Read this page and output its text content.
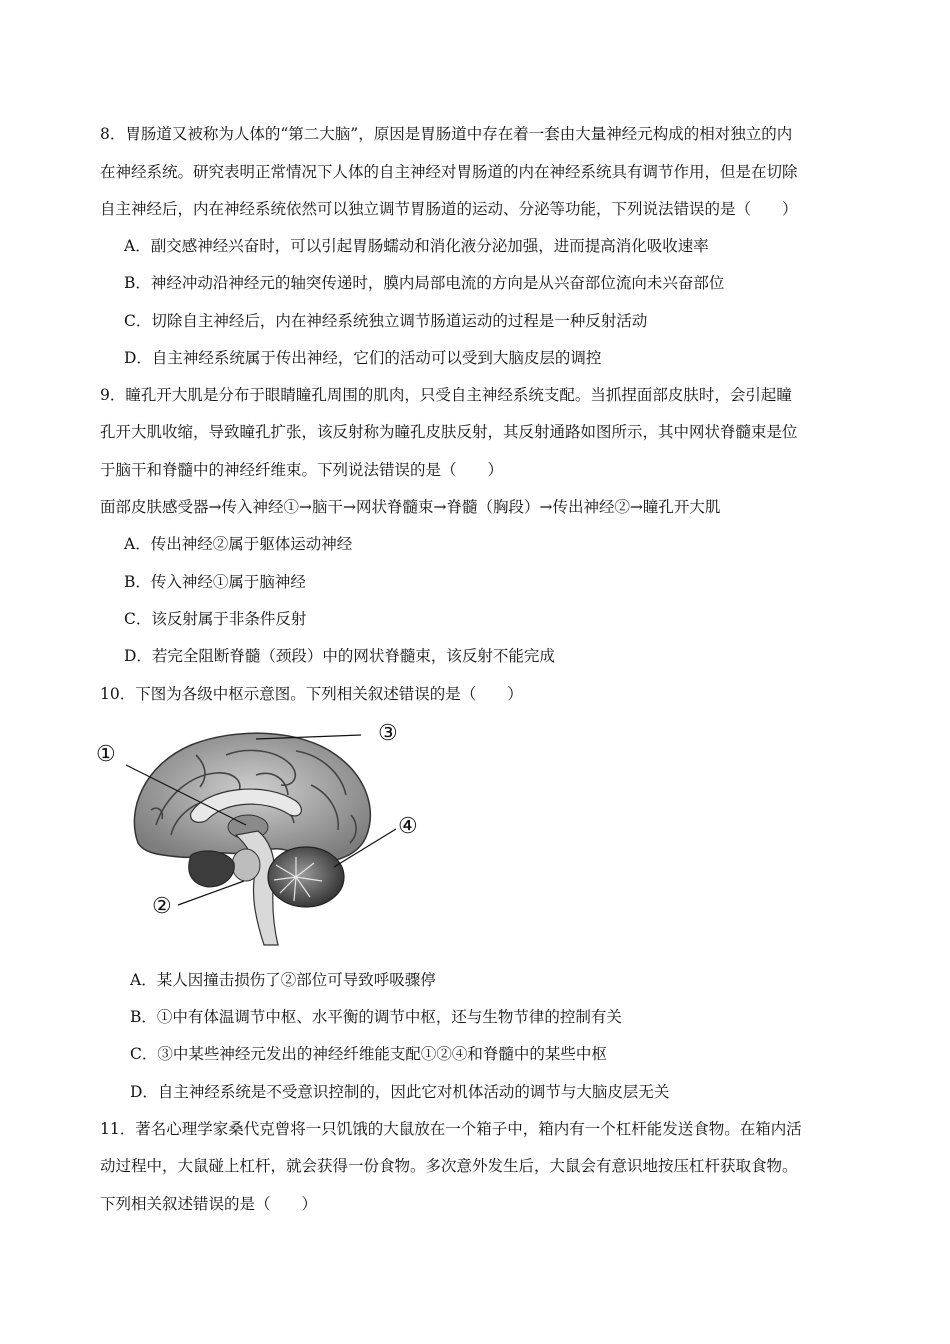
8．胃肠道又被称为人体的“第二大脑”，原因是胃肠道中存在着一套由大量神经元构成的相对独立的内
在神经系统。研究表明正常情况下人体的自主神经对胃肠道的内在神经系统具有调节作用，但是在切除
自主神经后，内在神经系统依然可以独立调节胃肠道的运动、分泌等功能，下列说法错误的是（　　）
A．副交感神经兴奋时，可以引起胃肠蠕动和消化液分泌加强，进而提高消化吸收速率
B．神经冲动沿神经元的轴突传递时，膜内局部电流的方向是从兴奋部位流向未兴奋部位
C．切除自主神经后，内在神经系统独立调节肠道运动的过程是一种反射活动
D．自主神经系统属于传出神经，它们的活动可以受到大脑皮层的调控
9．瞳孔开大肌是分布于眼睛瞳孔周围的肌肉，只受自主神经系统支配。当抓捏面部皮肤时，会引起瞳
孔开大肌收缩，导致瞳孔扩张，该反射称为瞳孔皮肤反射，其反射通路如图所示，其中网状脊髓束是位
于脑干和脊髓中的神经纤维束。下列说法错误的是（　　）
面部皮肤感受器→传入神经①→脑干→网状脊髓束→脊髓（胸段）→传出神经②→瞳孔开大肌
A．传出神经②属于躯体运动神经
B．传入神经①属于脑神经
C．该反射属于非条件反射
D．若完全阻断脊髓（颈段）中的网状脊髓束，该反射不能完成
10．下图为各级中枢示意图。下列相关叙述错误的是（　　）
①
②
③
④
A．某人因撞击损伤了②部位可导致呼吸骤停
B．①中有体温调节中枢、水平衡的调节中枢，还与生物节律的控制有关
C．③中某些神经元发出的神经纤维能支配①②④和脊髓中的某些中枢
D．自主神经系统是不受意识控制的，因此它对机体活动的调节与大脑皮层无关
11．著名心理学家桑代克曾将一只饥饿的大鼠放在一个箱子中，箱内有一个杠杆能发送食物。在箱内活
动过程中，大鼠碰上杠杆，就会获得一份食物。多次意外发生后，大鼠会有意识地按压杠杆获取食物。
下列相关叙述错误的是（　　）
